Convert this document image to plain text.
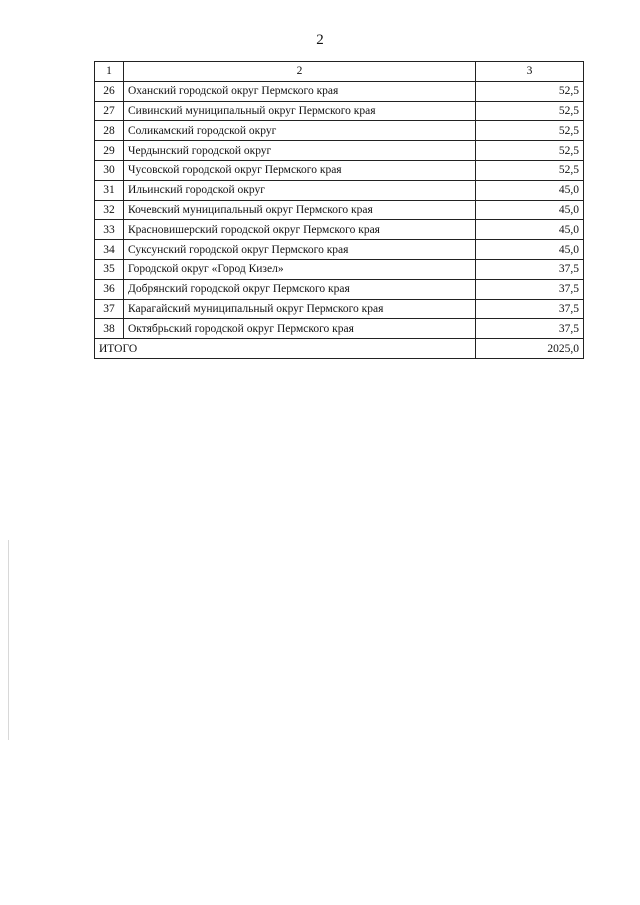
2
1	2	3
26	Оханский городской округ Пермского края	52,5
27	Сивинский муниципальный округ Пермского края	52,5
28	Соликамский городской округ	52,5
29	Чердынский городской округ	52,5
30	Чусовской городской округ Пермского края	52,5
31	Ильинский городской округ	45,0
32	Кочевский муниципальный округ Пермского края	45,0
33	Красновишерский городской округ Пермского края	45,0
34	Суксунский городской округ Пермского края	45,0
35	Городской округ «Город Кизел»	37,5
36	Добрянский городской округ Пермского края	37,5
37	Карагайский муниципальный округ Пермского края	37,5
38	Октябрьский городской округ Пермского края	37,5
ИТОГО		2025,0
